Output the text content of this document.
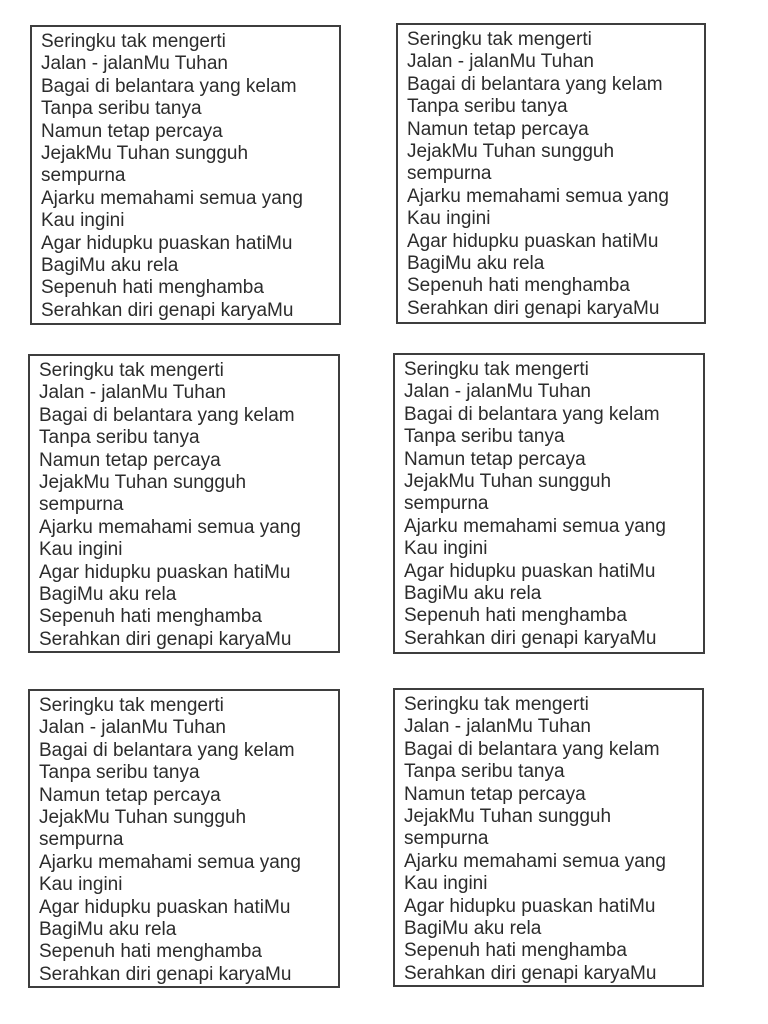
Seringku tak mengerti
Jalan - jalanMu Tuhan
Bagai di belantara yang kelam
Tanpa seribu tanya
Namun tetap percaya
JejakMu Tuhan sungguh
sempurna
Ajarku memahami semua yang
Kau ingini
Agar hidupku puaskan hatiMu
BagiMu aku rela
Sepenuh hati menghamba
Serahkan diri genapi karyaMu
Seringku tak mengerti
Jalan - jalanMu Tuhan
Bagai di belantara yang kelam
Tanpa seribu tanya
Namun tetap percaya
JejakMu Tuhan sungguh
sempurna
Ajarku memahami semua yang
Kau ingini
Agar hidupku puaskan hatiMu
BagiMu aku rela
Sepenuh hati menghamba
Serahkan diri genapi karyaMu
Seringku tak mengerti
Jalan - jalanMu Tuhan
Bagai di belantara yang kelam
Tanpa seribu tanya
Namun tetap percaya
JejakMu Tuhan sungguh
sempurna
Ajarku memahami semua yang
Kau ingini
Agar hidupku puaskan hatiMu
BagiMu aku rela
Sepenuh hati menghamba
Serahkan diri genapi karyaMu
Seringku tak mengerti
Jalan - jalanMu Tuhan
Bagai di belantara yang kelam
Tanpa seribu tanya
Namun tetap percaya
JejakMu Tuhan sungguh
sempurna
Ajarku memahami semua yang
Kau ingini
Agar hidupku puaskan hatiMu
BagiMu aku rela
Sepenuh hati menghamba
Serahkan diri genapi karyaMu
Seringku tak mengerti
Jalan - jalanMu Tuhan
Bagai di belantara yang kelam
Tanpa seribu tanya
Namun tetap percaya
JejakMu Tuhan sungguh
sempurna
Ajarku memahami semua yang
Kau ingini
Agar hidupku puaskan hatiMu
BagiMu aku rela
Sepenuh hati menghamba
Serahkan diri genapi karyaMu
Seringku tak mengerti
Jalan - jalanMu Tuhan
Bagai di belantara yang kelam
Tanpa seribu tanya
Namun tetap percaya
JejakMu Tuhan sungguh
sempurna
Ajarku memahami semua yang
Kau ingini
Agar hidupku puaskan hatiMu
BagiMu aku rela
Sepenuh hati menghamba
Serahkan diri genapi karyaMu
